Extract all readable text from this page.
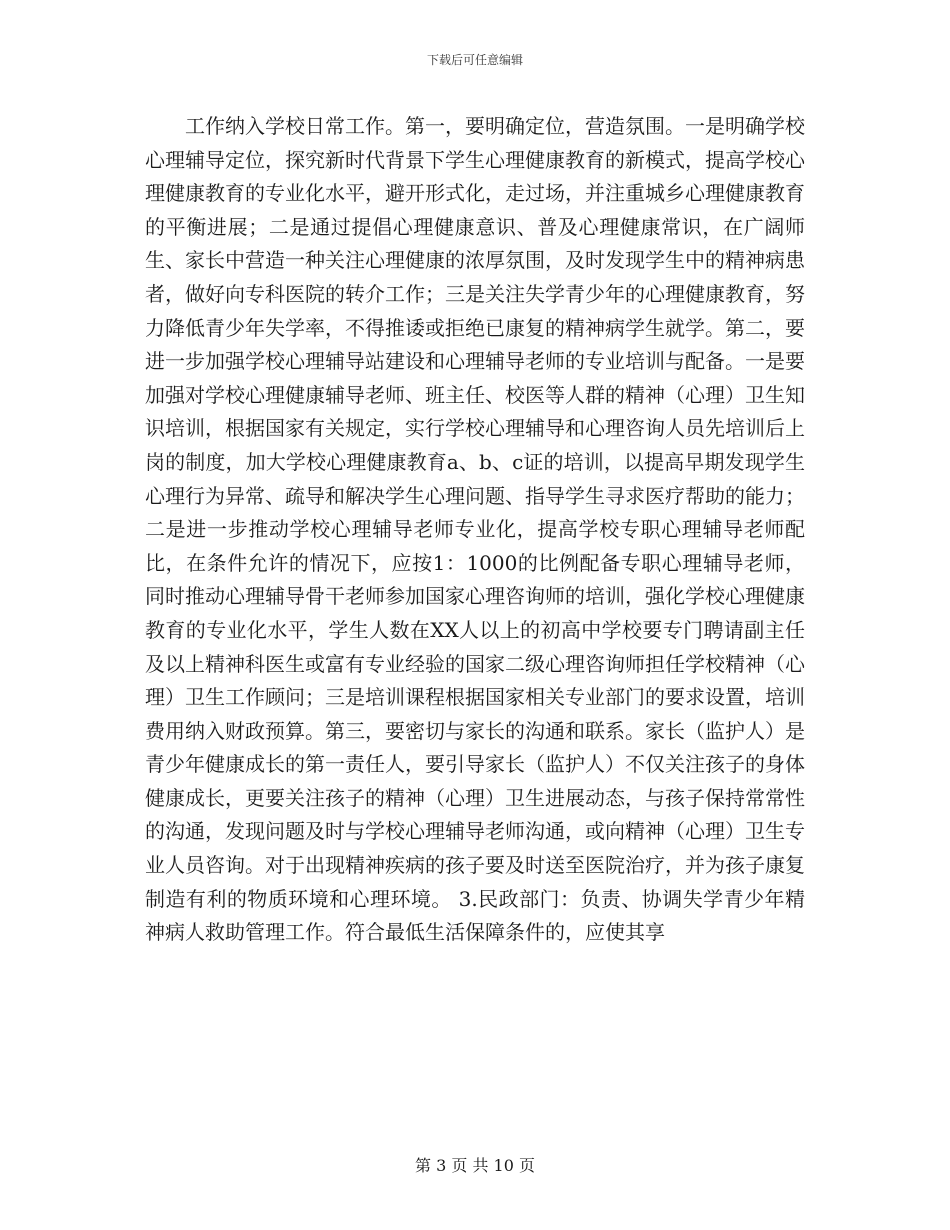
下载后可任意编辑

工作纳入学校日常工作。第一，要明确定位，营造氛围。一是明确学校心理辅导定位，探究新时代背景下学生心理健康教育的新模式，提高学校心理健康教育的专业化水平，避开形式化，走过场，并注重城乡心理健康教育的平衡进展；二是通过提倡心理健康意识、普及心理健康常识，在广阔师生、家长中营造一种关注心理健康的浓厚氛围，及时发现学生中的精神病患者，做好向专科医院的转介工作；三是关注失学青少年的心理健康教育，努力降低青少年失学率，不得推诿或拒绝已康复的精神病学生就学。第二，要进一步加强学校心理辅导站建设和心理辅导老师的专业培训与配备。一是要加强对学校心理健康辅导老师、班主任、校医等人群的精神（心理）卫生知识培训，根据国家有关规定，实行学校心理辅导和心理咨询人员先培训后上岗的制度，加大学校心理健康教育a、b、c证的培训，以提高早期发现学生心理行为异常、疏导和解决学生心理问题、指导学生寻求医疗帮助的能力；二是进一步推动学校心理辅导老师专业化，提高学校专职心理辅导老师配比，在条件允许的情况下，应按1：1000的比例配备专职心理辅导老师，同时推动心理辅导骨干老师参加国家心理咨询师的培训，强化学校心理健康教育的专业化水平，学生人数在XX人以上的初高中学校要专门聘请副主任及以上精神科医生或富有专业经验的国家二级心理咨询师担任学校精神（心理）卫生工作顾问；三是培训课程根据国家相关专业部门的要求设置，培训费用纳入财政预算。第三，要密切与家长的沟通和联系。家长（监护人）是青少年健康成长的第一责任人，要引导家长（监护人）不仅关注孩子的身体健康成长，更要关注孩子的精神（心理）卫生进展动态，与孩子保持常常性的沟通，发现问题及时与学校心理辅导老师沟通，或向精神（心理）卫生专业人员咨询。对于出现精神疾病的孩子要及时送至医院治疗，并为孩子康复制造有利的物质环境和心理环境。 3.民政部门：负责、协调失学青少年精神病人救助管理工作。符合最低生活保障条件的，应使其享

第 3 页 共 10 页
